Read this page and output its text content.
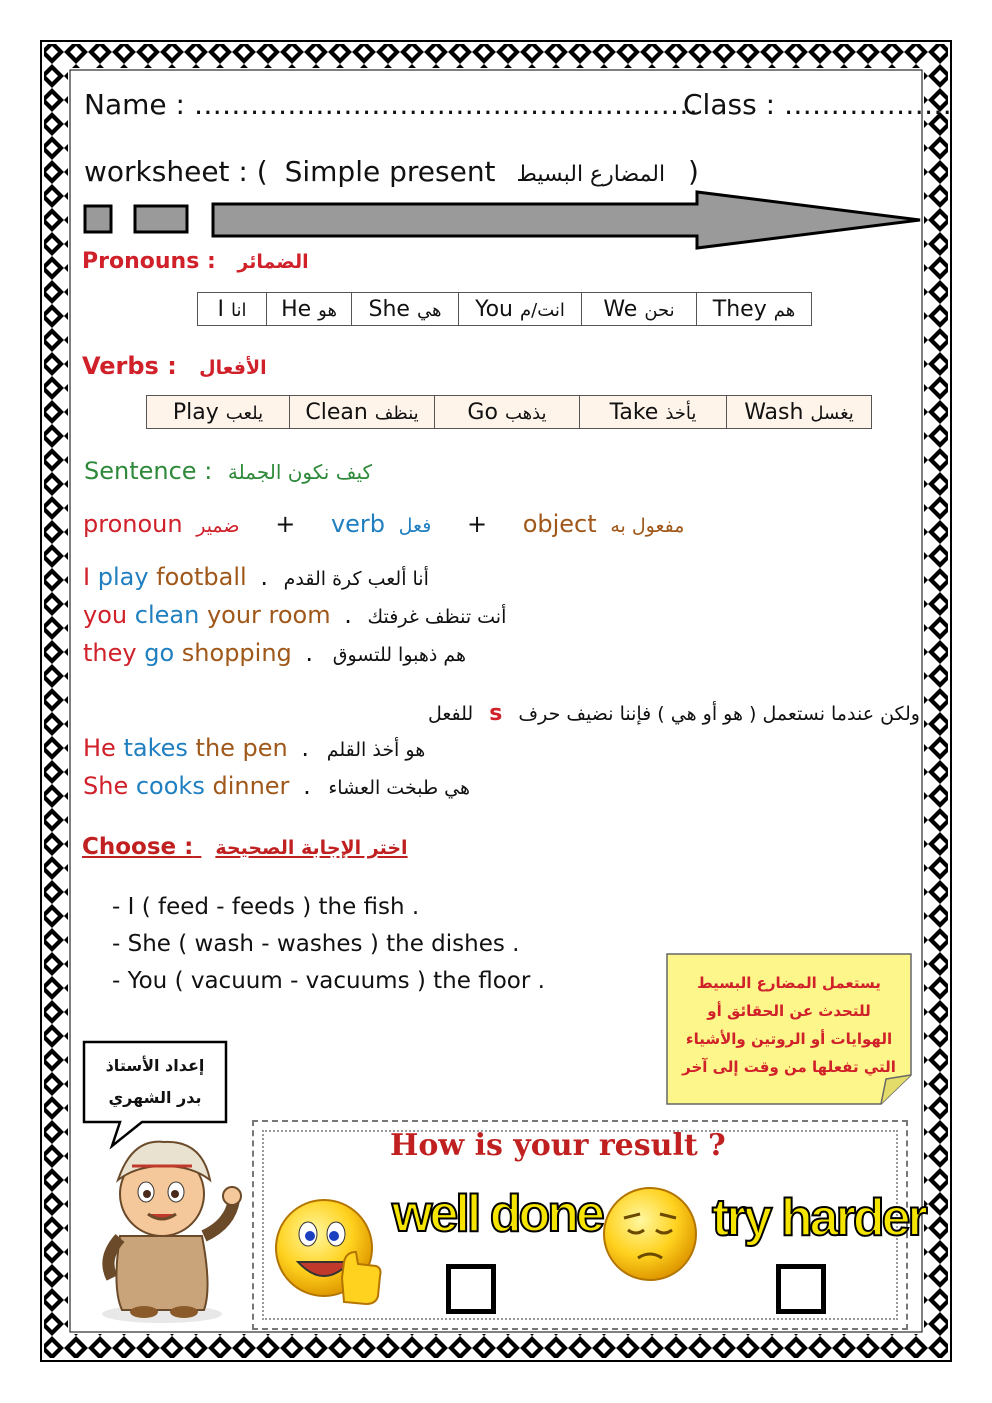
Name : ………………………………………………
Class : ………………
worksheet : ( Simple present المضارع البسيط )
Pronouns : الضمائر
I انا	He هو	She هي	You انت/م	We نحن	They هم
Verbs : الأفعال
Play يلعب	Clean ينظف	Go يذهب	Take يأخذ	Wash يغسل
Sentence : كيف نكون الجملة
pronoun ضمير + verb فعل + object مفعول به
I play football . أنا ألعب كرة القدم
you clean your room . أنت تنظف غرفتك
they go shopping . هم ذهبوا للتسوق
ولكن عندما نستعمل ( هو أو هي ) فإننا نضيف حرف s للفعل
He takes the pen . هو أخذ القلم
She cooks dinner . هي طبخت العشاء
Choose : اختر الإجابة الصحيحة
- I ( feed - feeds ) the fish .
- She ( wash - washes ) the dishes .
- You ( vacuum - vacuums ) the floor .	يستعمل المضارع البسيط
للتحدث عن الحقائق أو
الهوايات أو الروتين والأشياء
التي تفعلها من وقت إلى آخر
إعداد الأستاذ
بدر الشهري
How is your result ?
well done try harder
